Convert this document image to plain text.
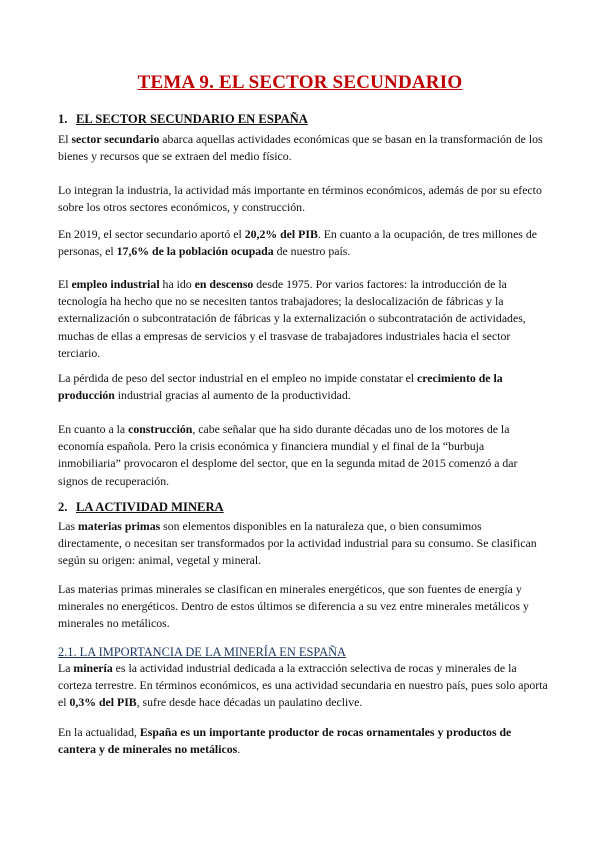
TEMA 9. EL SECTOR SECUNDARIO
1. EL SECTOR SECUNDARIO EN ESPAÑA
El sector secundario abarca aquellas actividades económicas que se basan en la transformación de los bienes y recursos que se extraen del medio físico.
Lo integran la industria, la actividad más importante en términos económicos, además de por su efecto sobre los otros sectores económicos, y construcción.
En 2019, el sector secundario aportó el 20,2% del PIB. En cuanto a la ocupación, de tres millones de personas, el 17,6% de la población ocupada de nuestro país.
El empleo industrial ha ido en descenso desde 1975. Por varios factores: la introducción de la tecnología ha hecho que no se necesiten tantos trabajadores; la deslocalización de fábricas y la externalización o subcontratación de fábricas y la externalización o subcontratación de actividades, muchas de ellas a empresas de servicios y el trasvase de trabajadores industriales hacia el sector terciario.
La pérdida de peso del sector industrial en el empleo no impide constatar el crecimiento de la producción industrial gracias al aumento de la productividad.
En cuanto a la construcción, cabe señalar que ha sido durante décadas uno de los motores de la economía española. Pero la crisis económica y financiera mundial y el final de la “burbuja inmobiliaria” provocaron el desplome del sector, que en la segunda mitad de 2015 comenzó a dar signos de recuperación.
2. LA ACTIVIDAD MINERA
Las materias primas son elementos disponibles en la naturaleza que, o bien consumimos directamente, o necesitan ser transformados por la actividad industrial para su consumo. Se clasifican según su origen: animal, vegetal y mineral.
Las materias primas minerales se clasifican en minerales energéticos, que son fuentes de energía y minerales no energéticos. Dentro de estos últimos se diferencia a su vez entre minerales metálicos y minerales no metálicos.
2.1. LA IMPORTANCIA DE LA MINERÍA EN ESPAÑA
La minería es la actividad industrial dedicada a la extracción selectiva de rocas y minerales de la corteza terrestre. En términos económicos, es una actividad secundaria en nuestro país, pues solo aporta el 0,3% del PIB, sufre desde hace décadas un paulatino declive.
En la actualidad, España es un importante productor de rocas ornamentales y productos de cantera y de minerales no metálicos.
